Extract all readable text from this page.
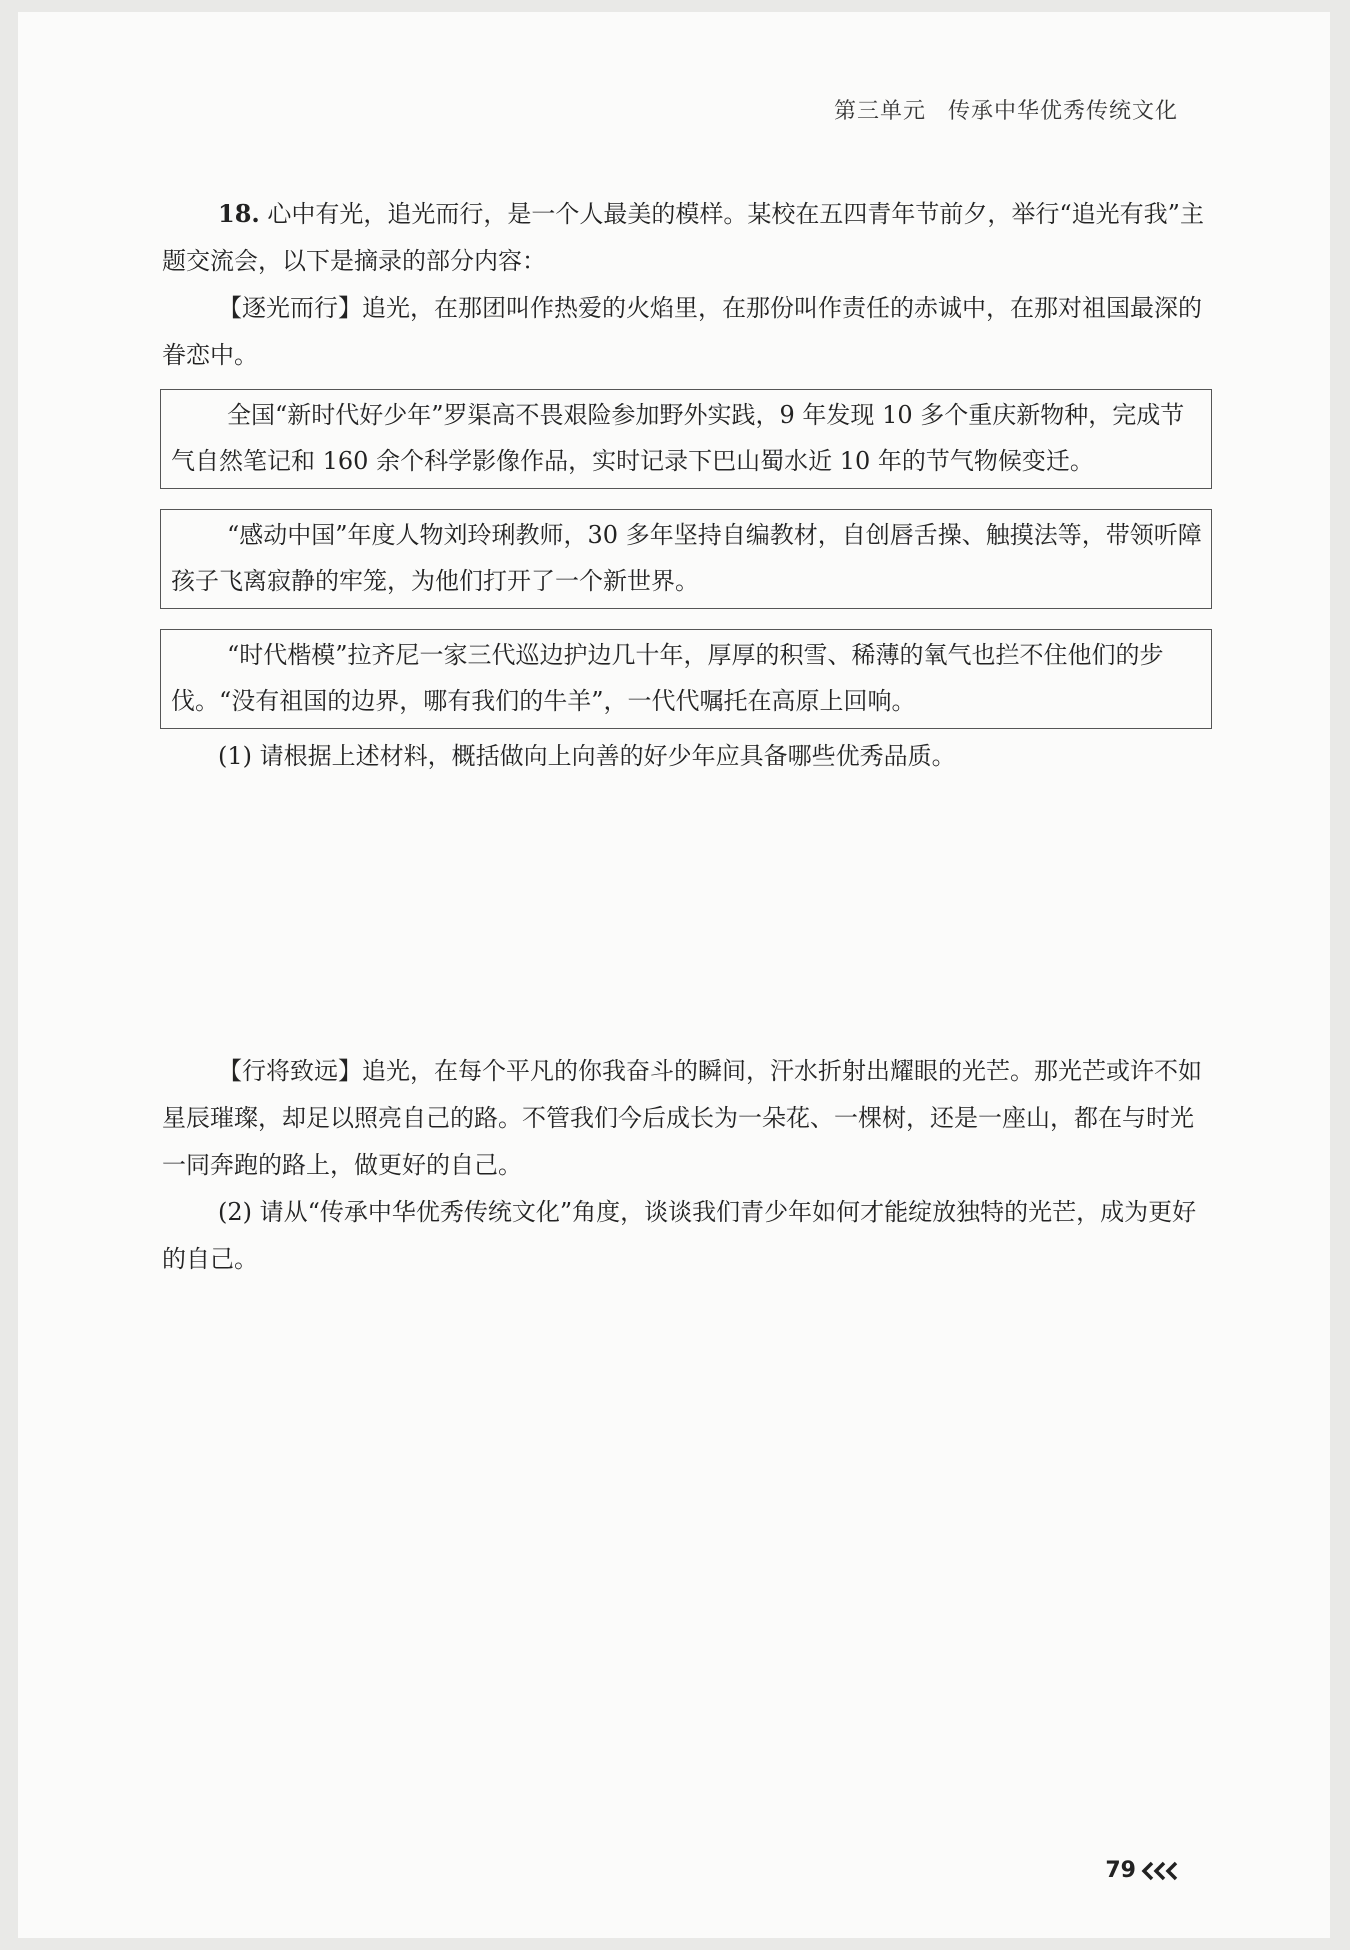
第三单元 传承中华优秀传统文化

18. 心中有光，追光而行，是一个人最美的模样。某校在五四青年节前夕，举行“追光有我”主题交流会，以下是摘录的部分内容：

【逐光而行】追光，在那团叫作热爱的火焰里，在那份叫作责任的赤诚中，在那对祖国最深的眷恋中。

全国“新时代好少年”罗渠高不畏艰险参加野外实践，9 年发现 10 多个重庆新物种，完成节气自然笔记和 160 余个科学影像作品，实时记录下巴山蜀水近 10 年的节气物候变迁。

“感动中国”年度人物刘玲琍教师，30 多年坚持自编教材，自创唇舌操、触摸法等，带领听障孩子飞离寂静的牢笼，为他们打开了一个新世界。

“时代楷模”拉齐尼一家三代巡边护边几十年，厚厚的积雪、稀薄的氧气也拦不住他们的步伐。“没有祖国的边界，哪有我们的牛羊”，一代代嘱托在高原上回响。

(1) 请根据上述材料，概括做向上向善的好少年应具备哪些优秀品质。

【行将致远】追光，在每个平凡的你我奋斗的瞬间，汗水折射出耀眼的光芒。那光芒或许不如星辰璀璨，却足以照亮自己的路。不管我们今后成长为一朵花、一棵树，还是一座山，都在与时光一同奔跑的路上，做更好的自己。

(2) 请从“传承中华优秀传统文化”角度，谈谈我们青少年如何才能绽放独特的光芒，成为更好的自己。

79
